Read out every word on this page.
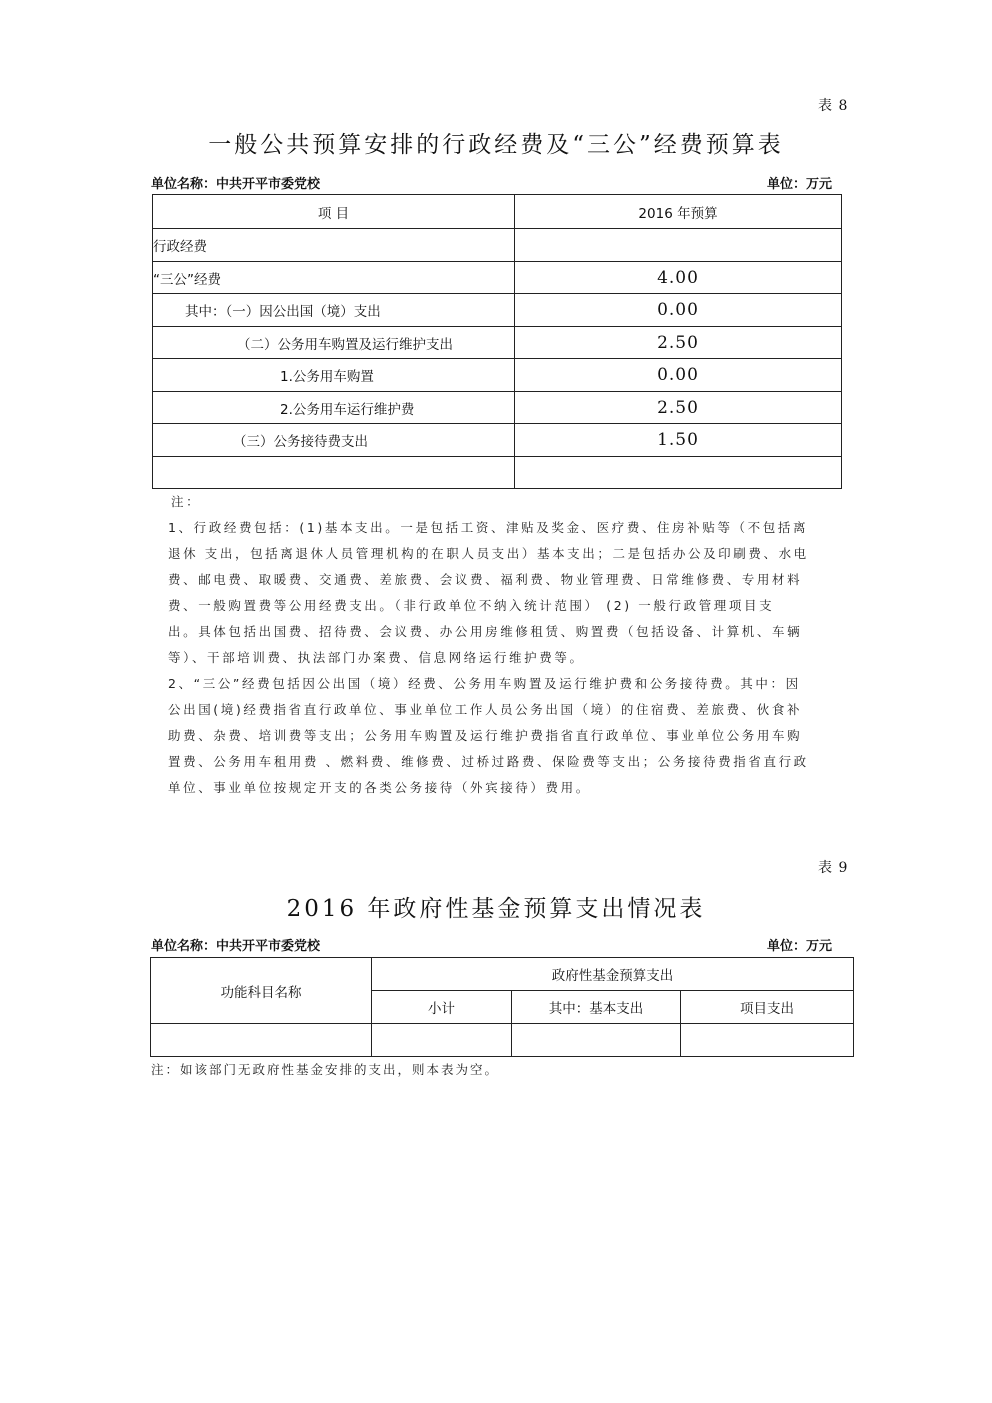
表 8
一般公共预算安排的行政经费及“三公”经费预算表
单位名称：中共开平市委党校	单位：万元
项 目	2016 年预算
行政经费	
“三公”经费	4.00
其中：（一）因公出国（境）支出	0.00
（二）公务用车购置及运行维护支出	2.50
1.公务用车购置	0.00
2.公务用车运行维护费	2.50
（三）公务接待费支出	1.50

注：

1、行政经费包括：(1)基本支出。一是包括工资、津贴及奖金、医疗费、住房补贴等（不包括离

退休 支出，包括离退休人员管理机构的在职人员支出）基本支出；二是包括办公及印刷费、水电

费、邮电费、取暖费、交通费、差旅费、会议费、福利费、物业管理费、日常维修费、专用材料

费、一般购置费等公用经费支出。（非行政单位不纳入统计范围） (2) 一般行政管理项目支

出。具体包括出国费、招待费、会议费、办公用房维修租赁、购置费（包括设备、计算机、车辆

等）、干部培训费、执法部门办案费、信息网络运行维护费等。

2、“三公”经费包括因公出国（境）经费、公务用车购置及运行维护费和公务接待费。其中：因

公出国(境)经费指省直行政单位、事业单位工作人员公务出国（境）的住宿费、差旅费、伙食补

助费、杂费、培训费等支出；公务用车购置及运行维护费指省直行政单位、事业单位公务用车购

置费、公务用车租用费 、燃料费、维修费、过桥过路费、保险费等支出；公务接待费指省直行政

单位、事业单位按规定开支的各类公务接待（外宾接待）费用。

表 9
2016 年政府性基金预算支出情况表
单位名称：中共开平市委党校	单位：万元
功能科目名称	政府性基金预算支出		
	小计	其中：基本支出	项目支出

注：如该部门无政府性基金安排的支出，则本表为空。
